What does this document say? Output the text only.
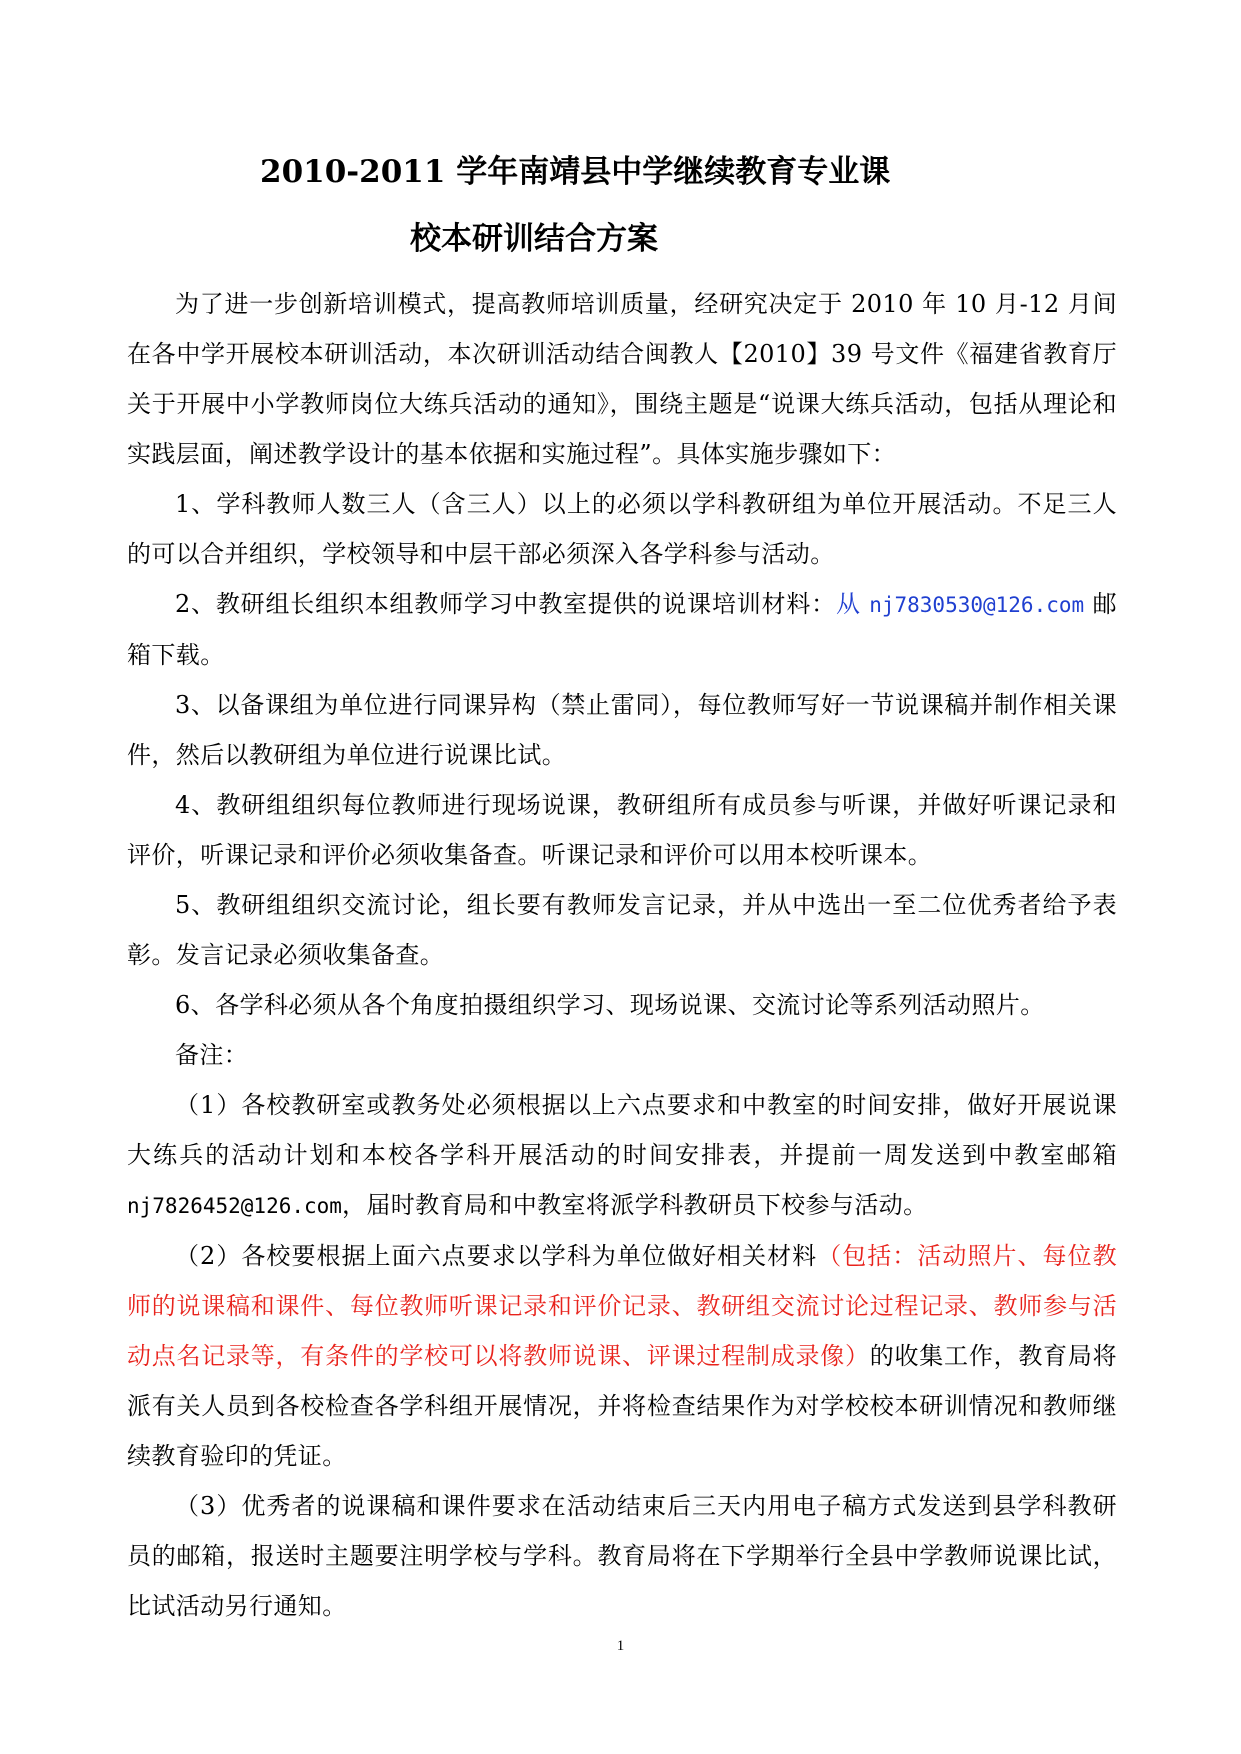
2010-2011 学年南靖县中学继续教育专业课
校本研训结合方案

为了进一步创新培训模式，提高教师培训质量，经研究决定于 2010 年 10 月-12 月间在各中学开展校本研训活动，本次研训活动结合闽教人【2010】39 号文件《福建省教育厅关于开展中小学教师岗位大练兵活动的通知》，围绕主题是“说课大练兵活动，包括从理论和实践层面，阐述教学设计的基本依据和实施过程”。具体实施步骤如下：

1、学科教师人数三人（含三人）以上的必须以学科教研组为单位开展活动。不足三人的可以合并组织，学校领导和中层干部必须深入各学科参与活动。

2、教研组长组织本组教师学习中教室提供的说课培训材料：从 nj7830530@126.com 邮箱下载。

3、以备课组为单位进行同课异构（禁止雷同），每位教师写好一节说课稿并制作相关课件，然后以教研组为单位进行说课比试。

4、教研组组织每位教师进行现场说课，教研组所有成员参与听课，并做好听课记录和评价，听课记录和评价必须收集备查。听课记录和评价可以用本校听课本。

5、教研组组织交流讨论，组长要有教师发言记录，并从中选出一至二位优秀者给予表彰。发言记录必须收集备查。

6、各学科必须从各个角度拍摄组织学习、现场说课、交流讨论等系列活动照片。

备注：

（1）各校教研室或教务处必须根据以上六点要求和中教室的时间安排，做好开展说课大练兵的活动计划和本校各学科开展活动的时间安排表，并提前一周发送到中教室邮箱nj7826452@126.com，届时教育局和中教室将派学科教研员下校参与活动。

（2）各校要根据上面六点要求以学科为单位做好相关材料（包括：活动照片、每位教师的说课稿和课件、每位教师听课记录和评价记录、教研组交流讨论过程记录、教师参与活动点名记录等，有条件的学校可以将教师说课、评课过程制成录像）的收集工作，教育局将派有关人员到各校检查各学科组开展情况，并将检查结果作为对学校校本研训情况和教师继续教育验印的凭证。

（3）优秀者的说课稿和课件要求在活动结束后三天内用电子稿方式发送到县学科教研员的邮箱，报送时主题要注明学校与学科。教育局将在下学期举行全县中学教师说课比试，比试活动另行通知。

1
